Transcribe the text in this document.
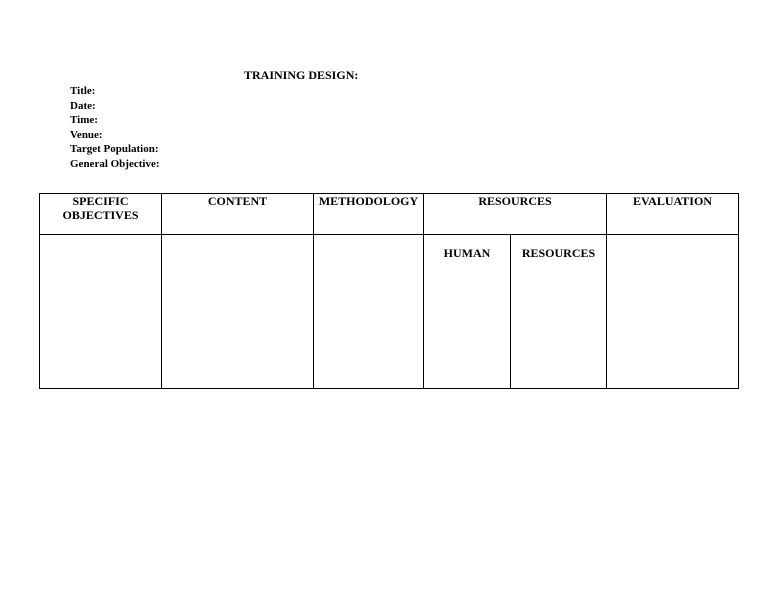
TRAINING DESIGN:
Title:
Date:
Time:
Venue:
Target Population:
General Objective:
SPECIFIC
OBJECTIVES	CONTENT	METHODOLOGY	RESOURCES		EVALUATION

			HUMAN	RESOURCES	
